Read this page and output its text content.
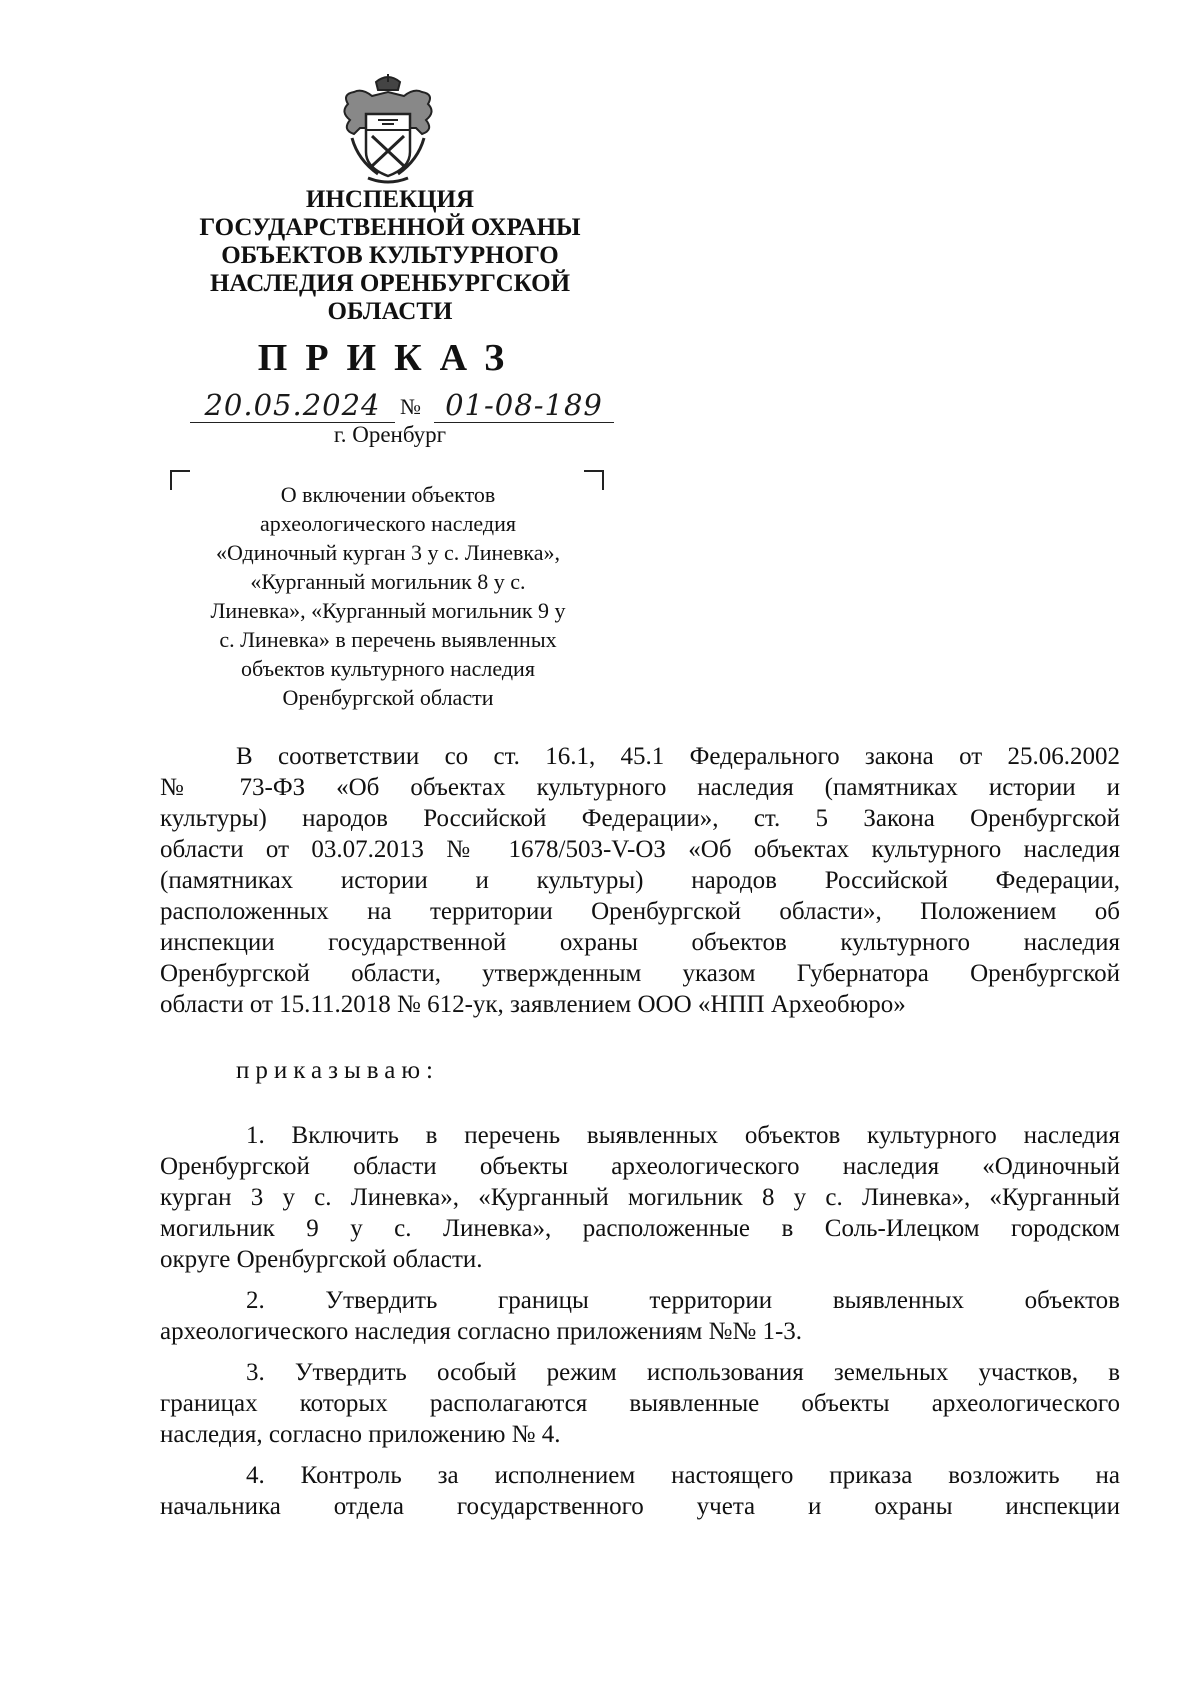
ИНСПЕКЦИЯ
ГОСУДАРСТВЕННОЙ ОХРАНЫ
ОБЪЕКТОВ КУЛЬТУРНОГО
НАСЛЕДИЯ ОРЕНБУРГСКОЙ
ОБЛАСТИ
ПРИКАЗ
20.05.2024 № 01-08-189
г. Оренбург
О включении объектов
археологического наследия
«Одиночный курган 3 у с. Линевка»,
«Курганный могильник 8 у с.
Линевка», «Курганный могильник 9 у
с. Линевка» в перечень выявленных
объектов культурного наследия
Оренбургской области
В соответствии со ст. 16.1, 45.1 Федерального закона от 25.06.2002
№ 73-ФЗ «Об объектах культурного наследия (памятниках истории и
культуры) народов Российской Федерации», ст. 5 Закона Оренбургской
области от 03.07.2013 № 1678/503-V-ОЗ «Об объектах культурного наследия
(памятниках истории и культуры) народов Российской Федерации,
расположенных на территории Оренбургской области», Положением об
инспекции государственной охраны объектов культурного наследия
Оренбургской области, утвержденным указом Губернатора Оренбургской
области от 15.11.2018 № 612-ук, заявлением ООО «НПП Археобюро»
приказываю:
1. Включить в перечень выявленных объектов культурного наследия
Оренбургской области объекты археологического наследия «Одиночный
курган 3 у с. Линевка», «Курганный могильник 8 у с. Линевка», «Курганный
могильник 9 у с. Линевка», расположенные в Соль-Илецком городском
округе Оренбургской области.
2. Утвердить границы территории выявленных объектов
археологического наследия согласно приложениям №№ 1-3.
3. Утвердить особый режим использования земельных участков, в
границах которых располагаются выявленные объекты археологического
наследия, согласно приложению № 4.
4. Контроль за исполнением настоящего приказа возложить на
начальника отдела государственного учета и охраны инспекции
